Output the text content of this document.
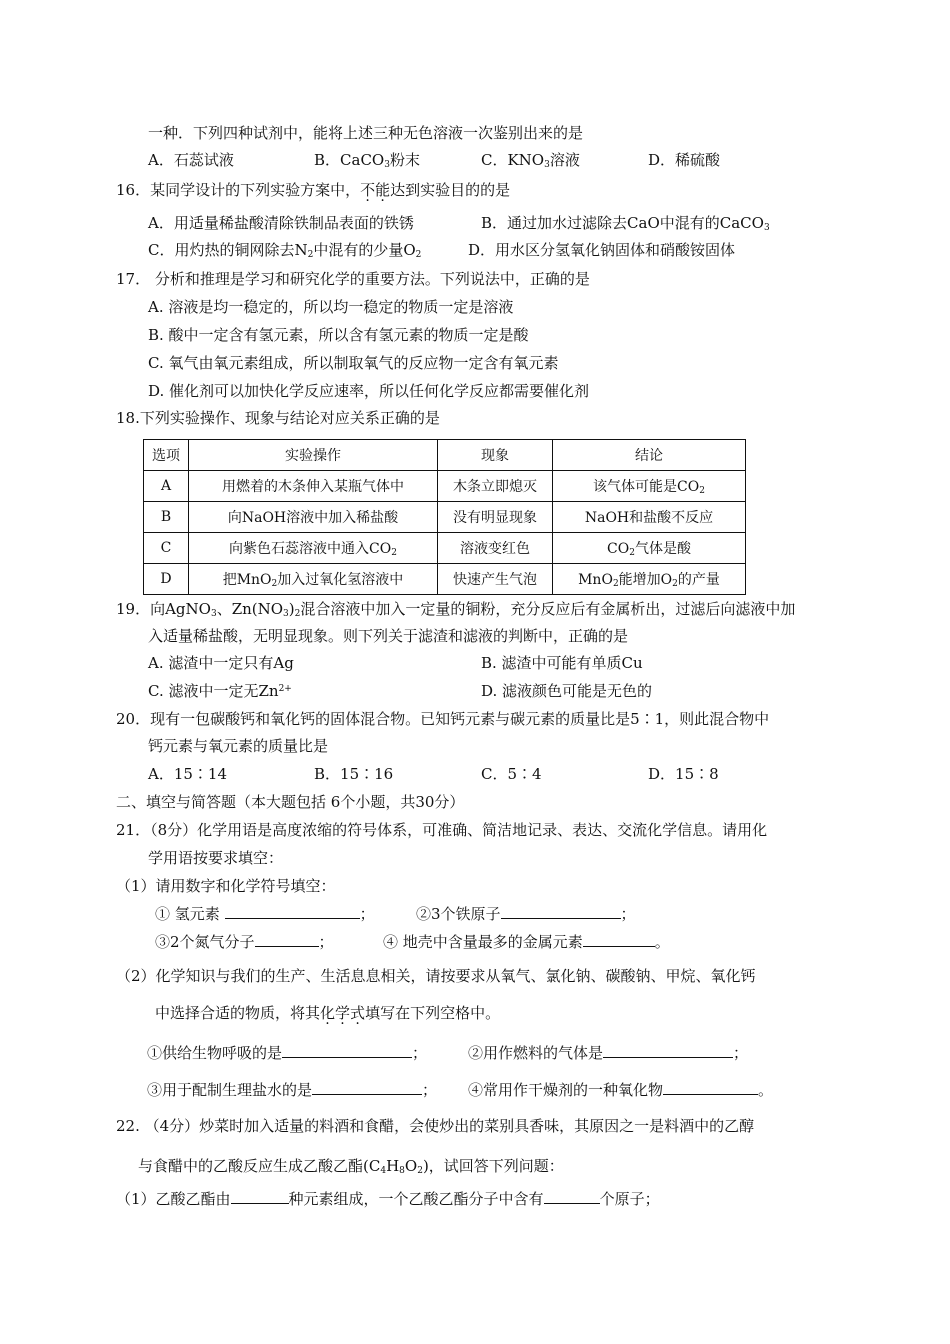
一种．下列四种试剂中，能将上述三种无色溶液一次鉴别出来的是
A．石蕊试液	B．CaCO$_3$粉末	C．$KNO_3$溶液	D．稀硫酸
16．某同学设计的下列实验方案中，不能达到实验目的的是
A．用适量稀盐酸清除铁制品表面的铁锈	B．通过加水过滤除去CaO中混有的CaCO$_3$
C．用灼热的铜网除去$N_2$中混有的少量$O_2$	D．用水区分氢氧化钠固体和硝酸铵固体
17． 分析和推理是学习和研究化学的重要方法。下列说法中，正确的是
A. 溶液是均一稳定的，所以均一稳定的物质一定是溶液
B. 酸中一定含有氢元素，所以含有氢元素的物质一定是酸
C. 氧气由氧元素组成，所以制取氧气的反应物一定含有氧元素
D. 催化剂可以加快化学反应速率，所以任何化学反应都需要催化剂
18.下列实验操作、现象与结论对应关系正确的是
选项	实验操作	现象	结论
A	用燃着的木条伸入某瓶气体中	木条立即熄灭	该气体可能是$CO_2$
B	向NaOH溶液中加入稀盐酸	没有明显现象	NaOH和盐酸不反应
C	向紫色石蕊溶液中通入$CO_2$	溶液变红色	$CO_2$气体是酸
D	把MnO$_2$加入过氧化氢溶液中	快速产生气泡	MnO$_2$能增加$O_2$的产量
19．向AgNO$_3$、$Zn(NO_3)_2$混合溶液中加入一定量的铜粉，充分反应后有金属析出，过滤后向滤液中加
入适量稀盐酸，无明显现象。则下列关于滤渣和滤液的判断中，正确的是
A. 滤渣中一定只有Ag	B. 滤渣中可能有单质Cu
C. 滤液中一定无$Zn^{2+}$	D. 滤液颜色可能是无色的
20．现有一包碳酸钙和氧化钙的固体混合物。已知钙元素与碳元素的质量比是5∶1，则此混合物中
钙元素与氧元素的质量比是
A．15∶14	B．15∶16	C．5∶4	D．15∶8
二、填空与简答题（本大题包括 6个小题，共30分）
21．（8分）化学用语是高度浓缩的符号体系，可准确、简洁地记录、表达、交流化学信息。请用化
学用语按要求填空：
（1）请用数字和化学符号填空：
① 氢元素	；	②3个铁原子	；
③2个氮气分子	；	④ 地壳中含量最多的金属元素	。
（2）化学知识与我们的生产、生活息息相关，请按要求从氧气、氯化钠、碳酸钠、甲烷、氧化钙
中选择合适的物质，将其化学式填写在下列空格中。
①供给生物呼吸的是	；	②用作燃料的气体是	；
③用于配制生理盐水的是	； ④常用作干燥剂的一种氧化物	。
22. （4分）炒菜时加入适量的料酒和食醋，会使炒出的菜别具香味，其原因之一是料酒中的乙醇
与食醋中的乙酸反应生成乙酸乙酯$(C_4H_8O_2)$，试回答下列问题：
（1）乙酸乙酯由	种元素组成，一个乙酸乙酯分子中含有	个原子；
